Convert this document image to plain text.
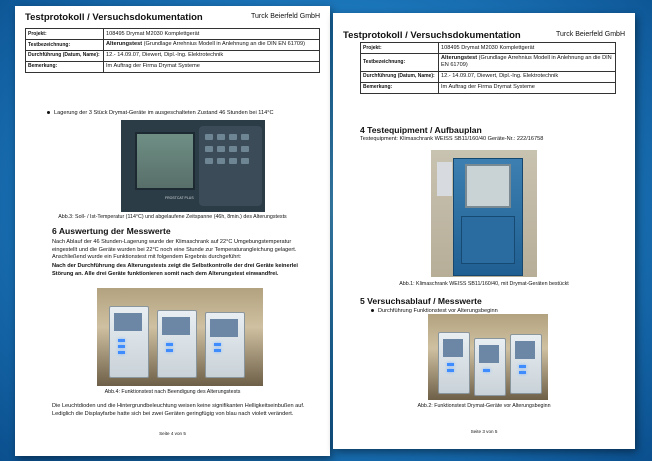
Testprotokoll / Versuchsdokumentation	Turck Beierfeld GmbH
Projekt:	108495 Drymat M2030 Komplettgerät
Testbezeichnung:	Alterungstest (Grundlage Arrehnius Modell in Anlehnung an die DIN EN 61709)
Durchführung (Datum, Name):	12.- 14.09.07, Diewert, Dipl.-Ing. Elektrotechnik
Bemerkung:	Im Auftrag der Firma Drymat Systeme
Lagerung der 3 Stück Drymat-Geräte im ausgeschalteten Zustand 46 Stunden bei 114°C
FROSTCAT PLUS
Abb.3: Soll- / Ist-Temperatur (114°C) und abgelaufene Zeitspanne (46h, 8min.) des Alterungstests
6 Auswertung der Messwerte
Nach Ablauf der 46 Stunden-Lagerung wurde der Klimaschrank auf 22°C Umgebungstemperatur eingestellt und die Geräte wurden bei 22°C noch eine Stunde zur Temperaturangleichung gelagert. Anschließend wurde ein Funktionstest mit folgendem Ergebnis durchgeführt:
Nach der Durchführung des Alterungstests zeigt die Selbstkontrolle der drei Geräte keinerlei Störung an. Alle drei Geräte funktionieren somit nach dem Alterungstest einwandfrei.
Abb.4: Funktionstest nach Beendigung des Alterungstests
Die Leuchtdioden und die Hintergrundbeleuchtung weisen keine signifikanten Helligkeitseinbußen auf. Lediglich die Displayfarbe hatte sich bei zwei Geräten geringfügig von blau nach violett verändert.
Seite 4 von 5
Testprotokoll / Versuchsdokumentation	Turck Beierfeld GmbH
Projekt:	108495 Drymat M2030 Komplettgerät
Testbezeichnung:	Alterungstest (Grundlage Arrehnius Modell in Anlehnung an die DIN EN 61709)
Durchführung (Datum, Name):	12.- 14.09.07, Diewert, Dipl.-Ing. Elektrotechnik
Bemerkung:	Im Auftrag der Firma Drymat Systeme
4 Testequipment / Aufbauplan
Testequipment: Klimaschrank WEISS SB11/160/40 Geräte-Nr.: 222/16758
Abb.1: Klimaschrank WEISS SB11/160/40, mit Drymat-Geräten bestückt
5 Versuchsablauf / Messwerte
Durchführung Funktionstest vor Alterungsbeginn
Abb.2: Funktionstest Drymat-Geräte vor Alterungsbeginn
Seite 3 von 5
